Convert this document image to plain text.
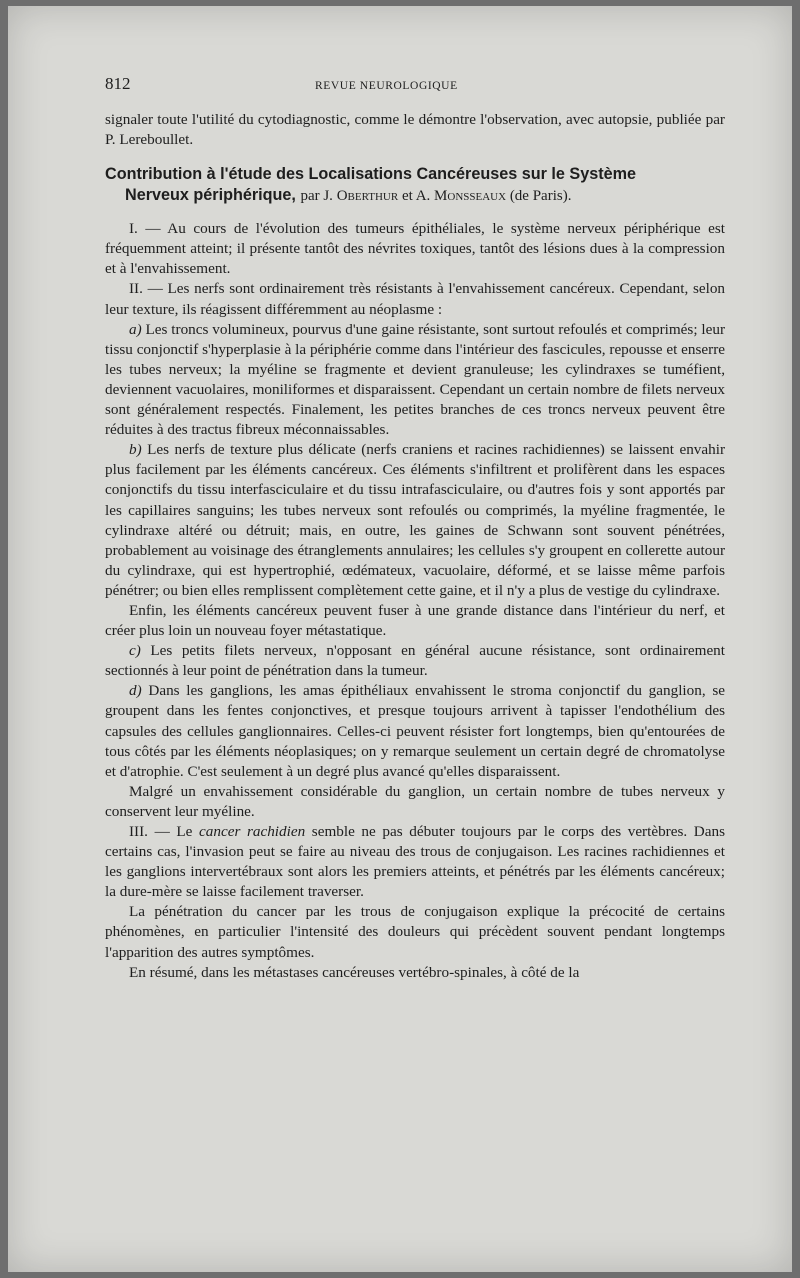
812	REVUE NEUROLOGIQUE

signaler toute l'utilité du cytodiagnostic, comme le démontre l'observation, avec autopsie, publiée par P. Lereboullet.

Contribution à l'étude des Localisations Cancéreuses sur le Système
Nerveux périphérique, par J. Oberthur et A. Monsseaux (de Paris).

I. — Au cours de l'évolution des tumeurs épithéliales, le système nerveux périphérique est fréquemment atteint; il présente tantôt des névrites toxiques, tantôt des lésions dues à la compression et à l'envahissement.

II. — Les nerfs sont ordinairement très résistants à l'envahissement cancéreux. Cependant, selon leur texture, ils réagissent différemment au néoplasme :

a) Les troncs volumineux, pourvus d'une gaine résistante, sont surtout refoulés et comprimés; leur tissu conjonctif s'hyperplasie à la périphérie comme dans l'intérieur des fascicules, repousse et enserre les tubes nerveux; la myéline se fragmente et devient granuleuse; les cylindraxes se tuméfient, deviennent vacuolaires, moniliformes et disparaissent. Cependant un certain nombre de filets nerveux sont généralement respectés. Finalement, les petites branches de ces troncs nerveux peuvent être réduites à des tractus fibreux méconnaissables.

b) Les nerfs de texture plus délicate (nerfs craniens et racines rachidiennes) se laissent envahir plus facilement par les éléments cancéreux. Ces éléments s'infiltrent et prolifèrent dans les espaces conjonctifs du tissu interfasciculaire et du tissu intrafasciculaire, ou d'autres fois y sont apportés par les capillaires sanguins; les tubes nerveux sont refoulés ou comprimés, la myéline fragmentée, le cylindraxe altéré ou détruit; mais, en outre, les gaines de Schwann sont souvent pénétrées, probablement au voisinage des étranglements annulaires; les cellules s'y groupent en collerette autour du cylindraxe, qui est hypertrophié, œdémateux, vacuolaire, déformé, et se laisse même parfois pénétrer; ou bien elles remplissent complètement cette gaine, et il n'y a plus de vestige du cylindraxe.

Enfin, les éléments cancéreux peuvent fuser à une grande distance dans l'intérieur du nerf, et créer plus loin un nouveau foyer métastatique.

c) Les petits filets nerveux, n'opposant en général aucune résistance, sont ordinairement sectionnés à leur point de pénétration dans la tumeur.

d) Dans les ganglions, les amas épithéliaux envahissent le stroma conjonctif du ganglion, se groupent dans les fentes conjonctives, et presque toujours arrivent à tapisser l'endothélium des capsules des cellules ganglionnaires. Celles-ci peuvent résister fort longtemps, bien qu'entourées de tous côtés par les éléments néoplasiques; on y remarque seulement un certain degré de chromatolyse et d'atrophie. C'est seulement à un degré plus avancé qu'elles disparaissent.

Malgré un envahissement considérable du ganglion, un certain nombre de tubes nerveux y conservent leur myéline.

III. — Le cancer rachidien semble ne pas débuter toujours par le corps des vertèbres. Dans certains cas, l'invasion peut se faire au niveau des trous de conjugaison. Les racines rachidiennes et les ganglions intervertébraux sont alors les premiers atteints, et pénétrés par les éléments cancéreux; la dure-mère se laisse facilement traverser.

La pénétration du cancer par les trous de conjugaison explique la précocité de certains phénomènes, en particulier l'intensité des douleurs qui précèdent souvent pendant longtemps l'apparition des autres symptômes.

En résumé, dans les métastases cancéreuses vertébro-spinales, à côté de la
